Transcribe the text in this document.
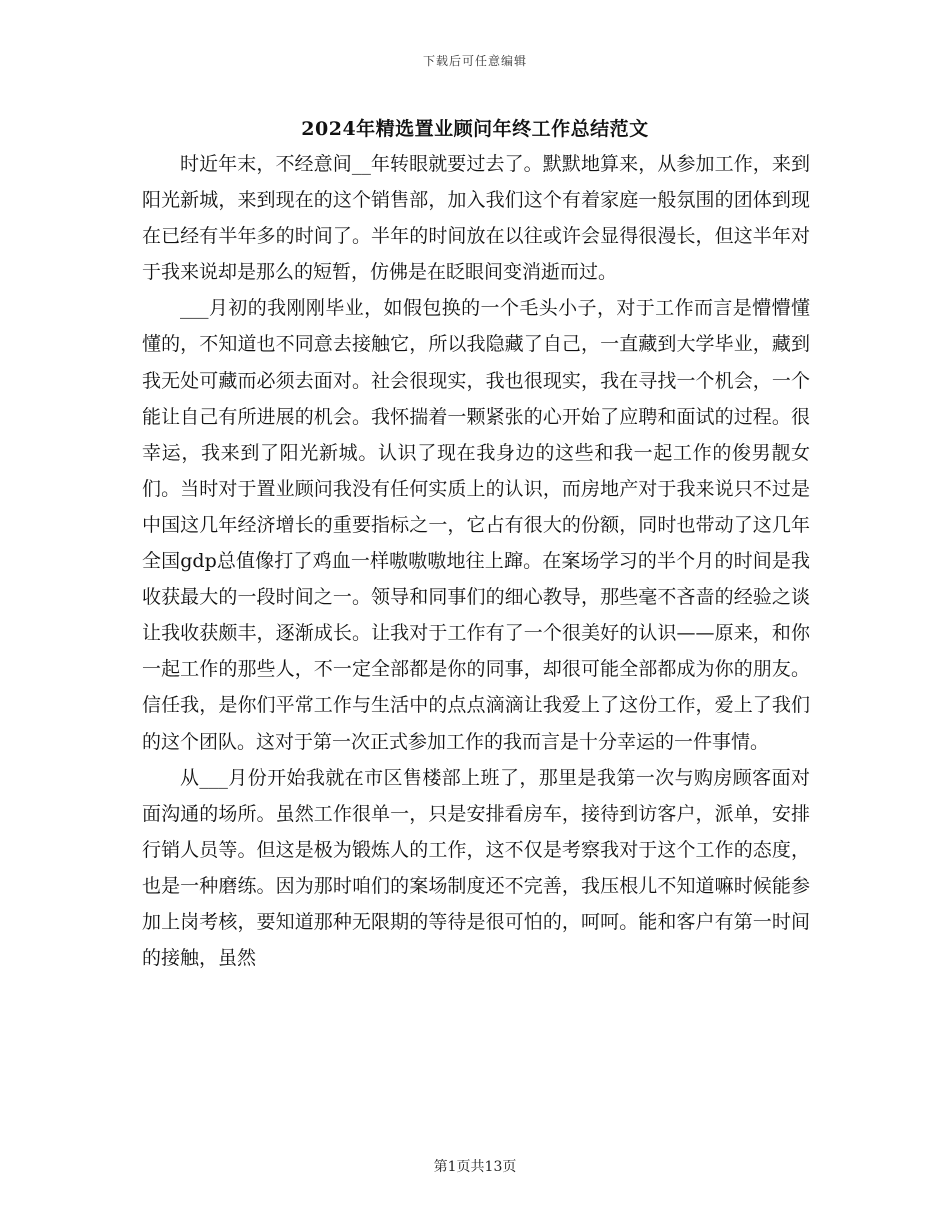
下载后可任意编辑
2024年精选置业顾问年终工作总结范文

时近年末，不经意间__年转眼就要过去了。默默地算来，从参加工作，来到阳光新城，来到现在的这个销售部，加入我们这个有着家庭一般氛围的团体到现在已经有半年多的时间了。半年的时间放在以往或许会显得很漫长，但这半年对于我来说却是那么的短暂，仿佛是在眨眼间变消逝而过。

___月初的我刚刚毕业，如假包换的一个毛头小子，对于工作而言是懵懵懂懂的，不知道也不同意去接触它，所以我隐藏了自己，一直藏到大学毕业，藏到我无处可藏而必须去面对。社会很现实，我也很现实，我在寻找一个机会，一个能让自己有所进展的机会。我怀揣着一颗紧张的心开始了应聘和面试的过程。很幸运，我来到了阳光新城。认识了现在我身边的这些和我一起工作的俊男靓女们。当时对于置业顾问我没有任何实质上的认识，而房地产对于我来说只不过是中国这几年经济增长的重要指标之一，它占有很大的份额，同时也带动了这几年全国gdp总值像打了鸡血一样嗷嗷嗷地往上蹿。在案场学习的半个月的时间是我收获最大的一段时间之一。领导和同事们的细心教导，那些毫不吝啬的经验之谈让我收获颇丰，逐渐成长。让我对于工作有了一个很美好的认识——原来，和你一起工作的那些人，不一定全部都是你的同事，却很可能全部都成为你的朋友。信任我，是你们平常工作与生活中的点点滴滴让我爱上了这份工作，爱上了我们的这个团队。这对于第一次正式参加工作的我而言是十分幸运的一件事情。

从___月份开始我就在市区售楼部上班了，那里是我第一次与购房顾客面对面沟通的场所。虽然工作很单一，只是安排看房车，接待到访客户，派单，安排行销人员等。但这是极为锻炼人的工作，这不仅是考察我对于这个工作的态度，也是一种磨练。因为那时咱们的案场制度还不完善，我压根儿不知道嘛时候能参加上岗考核，要知道那种无限期的等待是很可怕的，呵呵。能和客户有第一时间的接触，虽然

第1页共13页
